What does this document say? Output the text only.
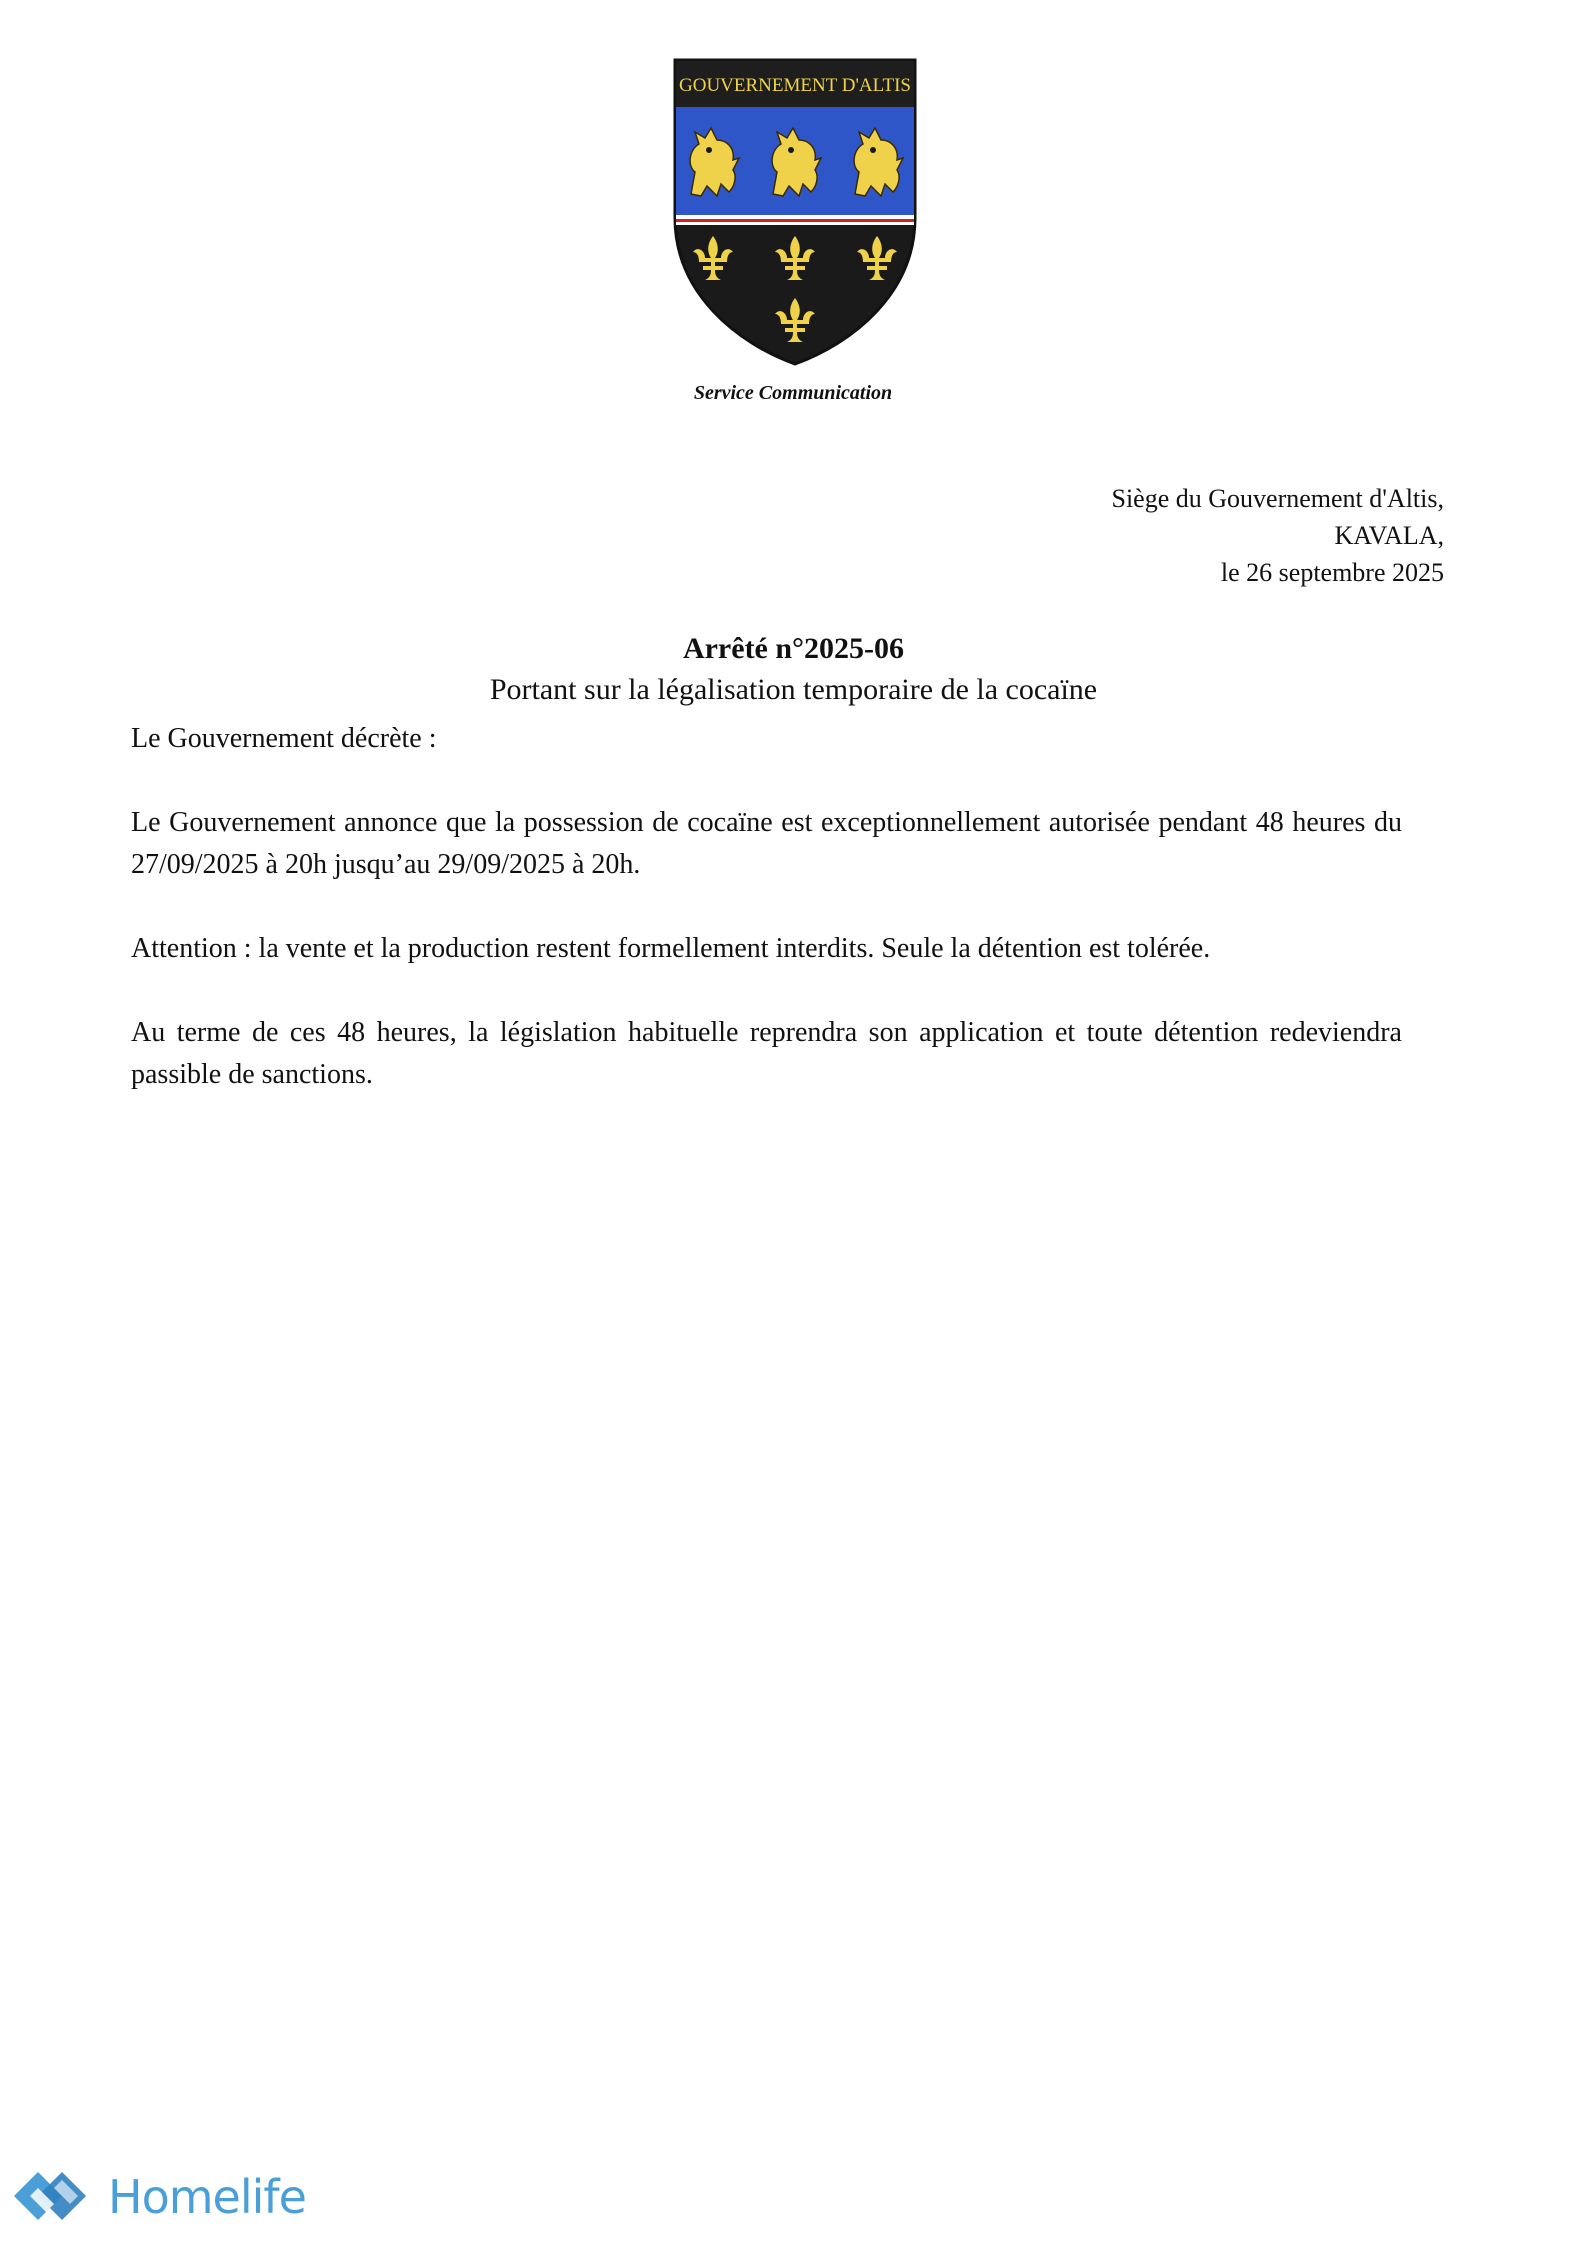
GOUVERNEMENT D'ALTIS
Service Communication
Siège du Gouvernement d'Altis,
KAVALA,
le 26 septembre 2025
Arrêté n°2025-06
Portant sur la légalisation temporaire de la cocaïne

Le Gouvernement décrète :

Le Gouvernement annonce que la possession de cocaïne est exceptionnellement autorisée pendant 48 heures du 27/09/2025 à 20h jusqu’au 29/09/2025 à 20h.

Attention : la vente et la production restent formellement interdits. Seule la détention est tolérée.

Au terme de ces 48 heures, la législation habituelle reprendra son application et toute détention redeviendra passible de sanctions.

Homelife
